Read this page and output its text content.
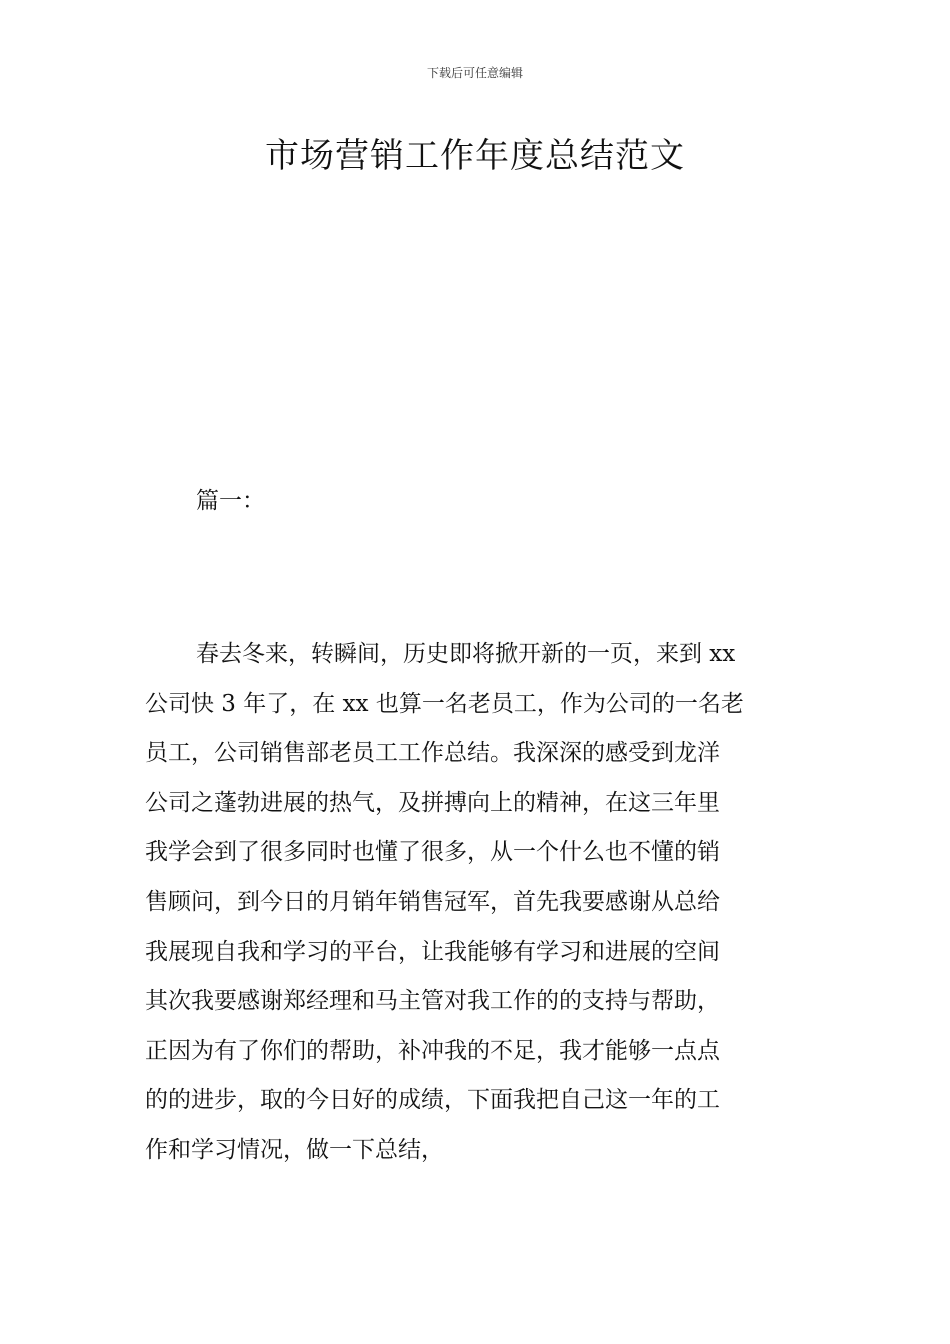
下载后可任意编辑
市场营销工作年度总结范文
篇一：
春去冬来，转瞬间，历史即将掀开新的一页，来到 xx
公司快 3 年了，在 xx 也算一名老员工，作为公司的一名老
员工，公司销售部老员工工作总结。我深深的感受到龙洋
公司之蓬勃进展的热气，及拼搏向上的精神，在这三年里
我学会到了很多同时也懂了很多，从一个什么也不懂的销
售顾问，到今日的月销年销售冠军，首先我要感谢从总给
我展现自我和学习的平台，让我能够有学习和进展的空间
其次我要感谢郑经理和马主管对我工作的的支持与帮助，
正因为有了你们的帮助，补冲我的不足，我才能够一点点
的的进步，取的今日好的成绩，下面我把自己这一年的工
作和学习情况，做一下总结，
